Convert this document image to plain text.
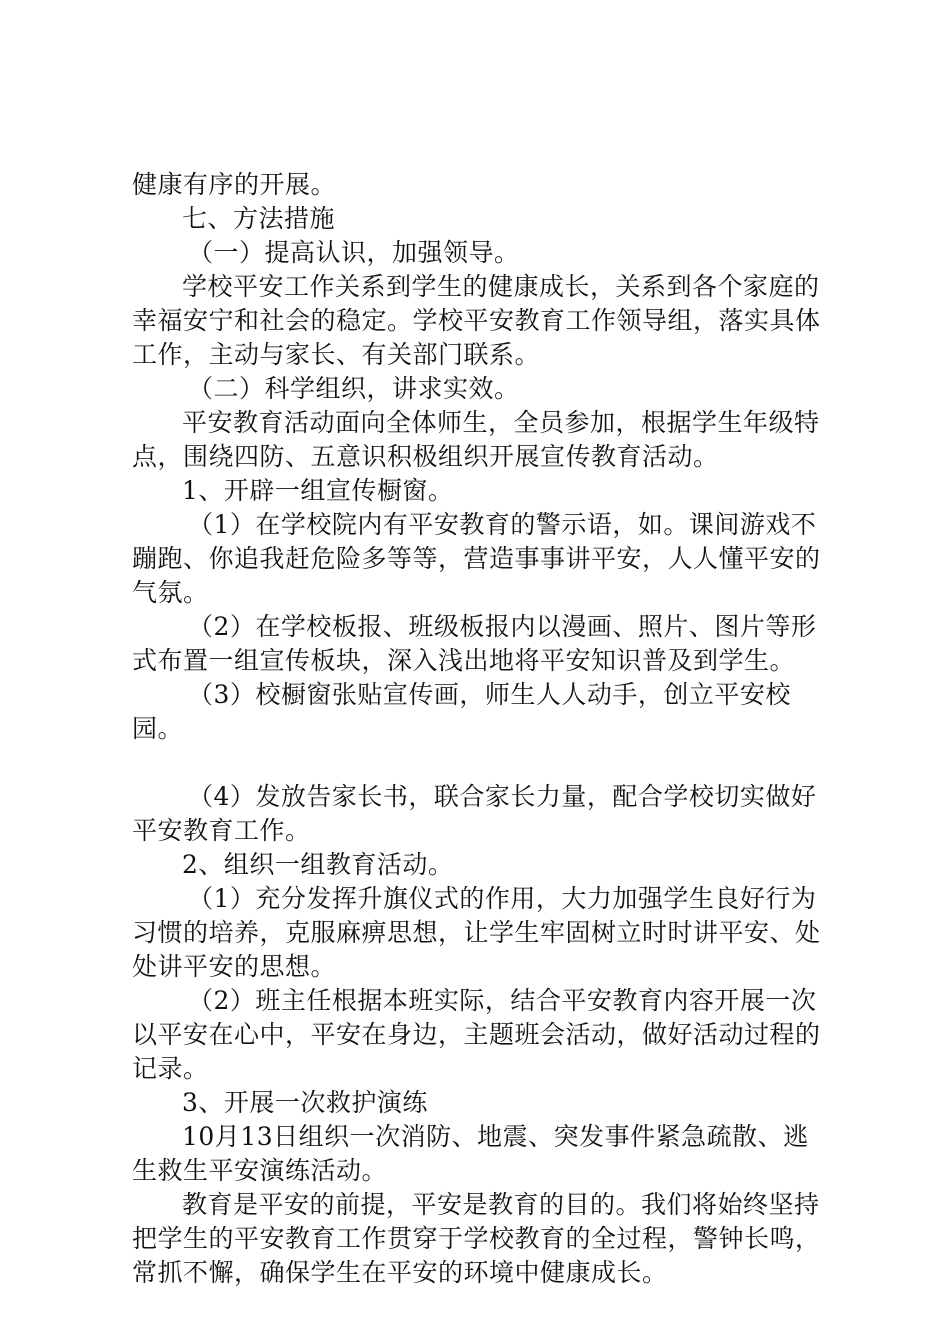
健康有序的开展。

七、方法措施

（一）提高认识，加强领导。

学校平安工作关系到学生的健康成长，关系到各个家庭的幸福安宁和社会的稳定。学校平安教育工作领导组，落实具体工作，主动与家长、有关部门联系。

（二）科学组织，讲求实效。

平安教育活动面向全体师生，全员参加，根据学生年级特点，围绕四防、五意识积极组织开展宣传教育活动。

1、开辟一组宣传橱窗。

（1）在学校院内有平安教育的警示语，如。课间游戏不蹦跑、你追我赶危险多等等，营造事事讲平安，人人懂平安的气氛。

（2）在学校板报、班级板报内以漫画、照片、图片等形式布置一组宣传板块，深入浅出地将平安知识普及到学生。

（3）校橱窗张贴宣传画，师生人人动手，创立平安校园。

（4）发放告家长书，联合家长力量，配合学校切实做好平安教育工作。

2、组织一组教育活动。

（1）充分发挥升旗仪式的作用，大力加强学生良好行为习惯的培养，克服麻痹思想，让学生牢固树立时时讲平安、处处讲平安的思想。

（2）班主任根据本班实际，结合平安教育内容开展一次以平安在心中，平安在身边，主题班会活动，做好活动过程的记录。

3、开展一次救护演练

10月13日组织一次消防、地震、突发事件紧急疏散、逃生救生平安演练活动。

教育是平安的前提，平安是教育的目的。我们将始终坚持把学生的平安教育工作贯穿于学校教育的全过程，警钟长鸣，常抓不懈，确保学生在平安的环境中健康成长。
